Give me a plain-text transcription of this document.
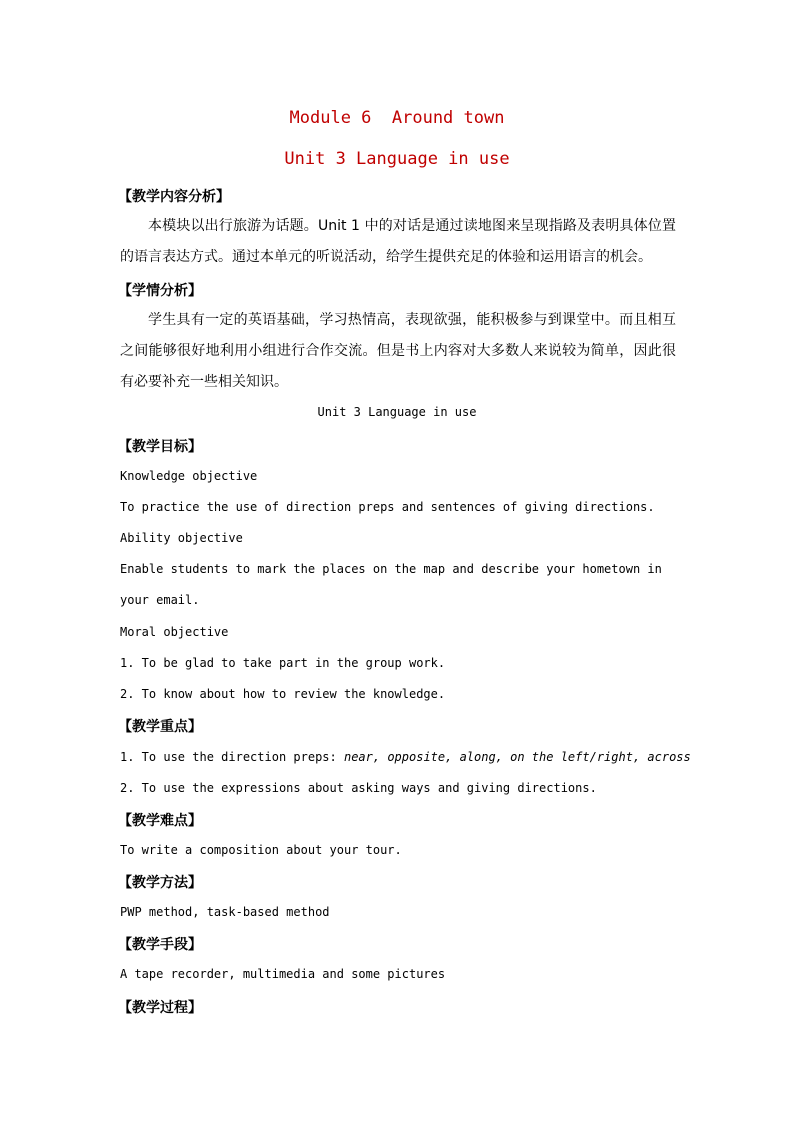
Module 6  Around town
Unit 3 Language in use
【教学内容分析】
本模块以出行旅游为话题。Unit 1 中的对话是通过读地图来呈现指路及表明具体位置的语言表达方式。通过本单元的听说活动，给学生提供充足的体验和运用语言的机会。
【学情分析】
学生具有一定的英语基础，学习热情高，表现欲强，能积极参与到课堂中。而且相互之间能够很好地利用小组进行合作交流。但是书上内容对大多数人来说较为简单，因此很有必要补充一些相关知识。
Unit 3 Language in use
【教学目标】
Knowledge objective
To practice the use of direction preps and sentences of giving directions.
Ability objective
Enable students to mark the places on the map and describe your hometown in your email.
Moral objective
1. To be glad to take part in the group work.
2. To know about how to review the knowledge.
【教学重点】
1. To use the direction preps: near, opposite, along, on the left/right, across
2. To use the expressions about asking ways and giving directions.
【教学难点】
To write a composition about your tour.
【教学方法】
PWP method, task-based method
【教学手段】
A tape recorder, multimedia and some pictures
【教学过程】
